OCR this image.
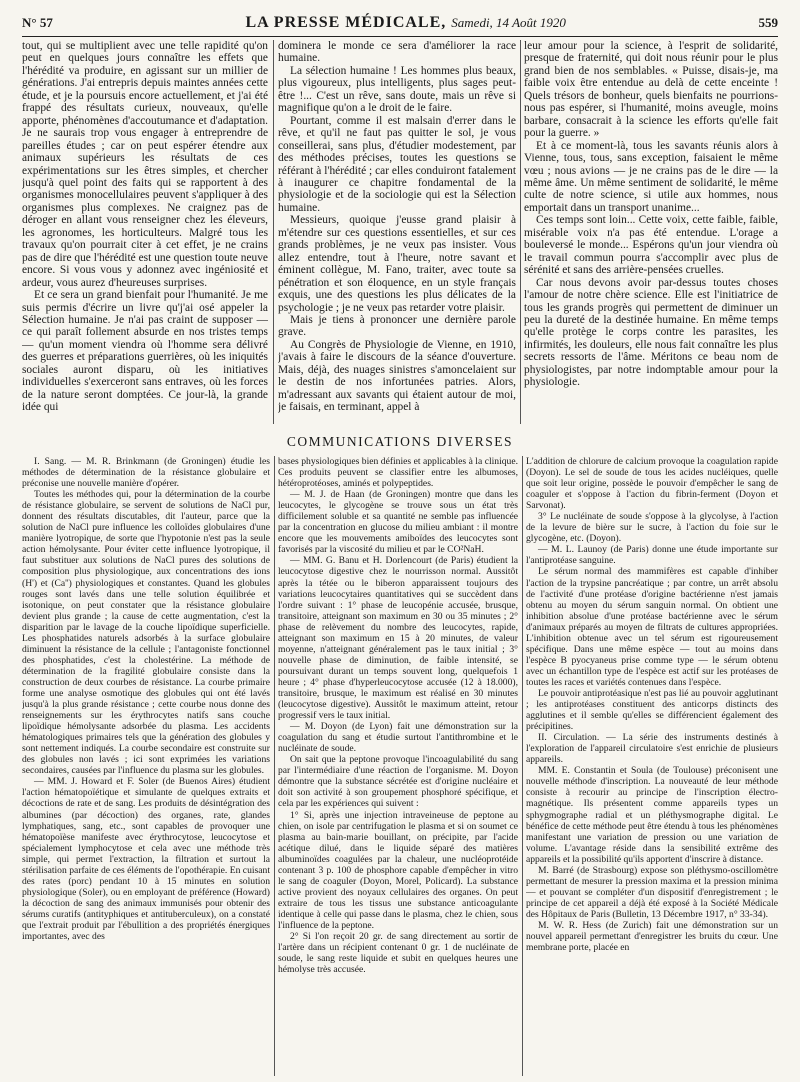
N° 57	LA PRESSE MÉDICALE, Samedi, 14 Août 1920	559

tout, qui se multiplient avec une telle rapidité qu'on peut en quelques jours connaître les effets que l'hérédité va produire, en agissant sur un millier de générations. J'ai entrepris depuis maintes années cette étude, et je la poursuis encore actuellement, et j'ai été frappé des résultats curieux, nouveaux, qu'elle apporte, phénomènes d'accoutumance et d'adaptation. Je ne saurais trop vous engager à entreprendre de pareilles études ; car on peut espérer étendre aux animaux supérieurs les résultats de ces expérimentations sur les êtres simples, et chercher jusqu'à quel point des faits qui se rapportent à des organismes monocellulaires peuvent s'appliquer à des organismes plus complexes. Ne craignez pas de déroger en allant vous renseigner chez les éleveurs, les agronomes, les horticulteurs. Malgré tous les travaux qu'on pourrait citer à cet effet, je ne crains pas de dire que l'hérédité est une question toute neuve encore. Si vous vous y adonnez avec ingéniosité et ardeur, vous aurez d'heureuses surprises.

Et ce sera un grand bienfait pour l'humanité. Je me suis permis d'écrire un livre qu'j'ai osé appeler la Sélection humaine. Je n'ai pas craint de supposer — ce qui paraît follement absurde en nos tristes temps — qu'un moment viendra où l'homme sera délivré des guerres et préparations guerrières, où les iniquités sociales auront disparu, où les initiatives individuelles s'exerceront sans entraves, où les forces de la nature seront domptées. Ce jour-là, la grande idée qui

dominera le monde ce sera d'améliorer la race humaine.

La sélection humaine ! Les hommes plus beaux, plus vigoureux, plus intelligents, plus sages peut-être !... C'est un rêve, sans doute, mais un rêve si magnifique qu'on a le droit de le faire.

Pourtant, comme il est malsain d'errer dans le rêve, et qu'il ne faut pas quitter le sol, je vous conseillerai, sans plus, d'étudier modestement, par des méthodes précises, toutes les questions se référant à l'hérédité ; car elles conduiront fatalement à inaugurer ce chapitre fondamental de la physiologie et de la sociologie qui est la Sélection humaine.

Messieurs, quoique j'eusse grand plaisir à m'étendre sur ces questions essentielles, et sur ces grands problèmes, je ne veux pas insister. Vous allez entendre, tout à l'heure, notre savant et éminent collègue, M. Fano, traiter, avec toute sa pénétration et son éloquence, en un style français exquis, une des questions les plus délicates de la psychologie ; je ne veux pas retarder votre plaisir.

Mais je tiens à prononcer une dernière parole grave.

Au Congrès de Physiologie de Vienne, en 1910, j'avais à faire le discours de la séance d'ouverture. Mais, déjà, des nuages sinistres s'amoncelaient sur le destin de nos infortunées patries. Alors, m'adressant aux savants qui étaient autour de moi, je faisais, en terminant, appel à

leur amour pour la science, à l'esprit de solidarité, presque de fraternité, qui doit nous réunir pour le plus grand bien de nos semblables. « Puisse, disais-je, ma faible voix être entendue au delà de cette enceinte ! Quels trésors de bonheur, quels bienfaits ne pourrions-nous pas espérer, si l'humanité, moins aveugle, moins barbare, consacrait à la science les efforts qu'elle fait pour la guerre. »

Et à ce moment-là, tous les savants réunis alors à Vienne, tous, tous, sans exception, faisaient le même vœu ; nous avions — je ne crains pas de le dire — la même âme. Un même sentiment de solidarité, le même culte de notre science, si utile aux hommes, nous emportait dans un transport unanime...

Ces temps sont loin... Cette voix, cette faible, faible, misérable voix n'a pas été entendue. L'orage a bouleversé le monde... Espérons qu'un jour viendra où le travail commun pourra s'accomplir avec plus de sérénité et sans des arrière-pensées cruelles.

Car nous devons avoir par-dessus toutes choses l'amour de notre chère science. Elle est l'initiatrice de tous les grands progrès qui permettent de diminuer un peu la dureté de la destinée humaine. En même temps qu'elle protège le corps contre les parasites, les infirmités, les douleurs, elle nous fait connaître les plus secrets ressorts de l'âme. Méritons ce beau nom de physiologistes, par notre indomptable amour pour la physiologie.

COMMUNICATIONS DIVERSES

I. Sang. — M. R. Brinkmann (de Groningen) étudie les méthodes de détermination de la résistance globulaire et préconise une nouvelle manière d'opérer.

Toutes les méthodes qui, pour la détermination de la courbe de résistance globulaire, se servent de solutions de NaCl pur, donnent des résultats discutables, dit l'auteur, parce que la solution de NaCl pure influence les colloïdes globulaires d'une manière lyotropique, de sorte que l'hypotonie n'est pas la seule action hémolysante. Pour éviter cette influence lyotropique, il faut substituer aux solutions de NaCl pures des solutions de composition plus physiologique, aux concentrations des ions (H') et (Ca'') physiologiques et constantes. Quand les globules rouges sont lavés dans une telle solution équilibrée et isotonique, on peut constater que la résistance globulaire devient plus grande ; la cause de cette augmentation, c'est la disparition par le lavage de la couche lipoïdique superficielle. Les phosphatides naturels adsorbés à la surface globulaire diminuent la résistance de la cellule ; l'antagoniste fonctionnel des phosphatides, c'est la cholestérine. La méthode de détermination de la fragilité globulaire consiste dans la construction de deux courbes de résistance. La courbe primaire forme une analyse osmotique des globules qui ont été lavés jusqu'à la plus grande résistance ; cette courbe nous donne des renseignements sur les érythrocytes natifs sans couche lipoïdique hémolysante adsorbée du plasma. Les accidents hématologiques primaires tels que la génération des globules y sont nettement indiqués. La courbe secondaire est construite sur des globules non lavés ; ici sont exprimées les variations secondaires, causées par l'influence du plasma sur les globules.

— MM. J. Howard et F. Soler (de Buenos Aires) étudient l'action hématopoïétique et simulante de quelques extraits et décoctions de rate et de sang. Les produits de désintégration des albumines (par décoction) des organes, rate, glandes lymphatiques, sang, etc., sont capables de provoquer une hématopoïèse manifeste avec érythrocytose, leucocytose et spécialement lymphocytose et cela avec une méthode très simple, qui permet l'extraction, la filtration et surtout la stérilisation parfaite de ces éléments de l'opothérapie. En cuisant des rates (porc) pendant 10 à 15 minutes en solution physiologique (Soler), ou en employant de préférence (Howard) la décoction de sang des animaux immunisés pour obtenir des sérums curatifs (antityphiques et antituberculeux), on a constaté que l'extrait produit par l'ébullition a des propriétés énergiques importantes, avec des

bases physiologiques bien définies et applicables à la clinique. Ces produits peuvent se classifier entre les albumoses, hétéroprotéoses, aminés et polypeptides.

— M. J. de Haan (de Groningen) montre que dans les leucocytes, le glycogène se trouve sous un état très difficilement soluble et sa quantité ne semble pas influencée par la concentration en glucose du milieu ambiant : il montre encore que les mouvements amiboïdes des leucocytes sont favorisés par la viscosité du milieu et par le CO²NaH.

— MM. G. Banu et H. Dorlencourt (de Paris) étudient la leucocytose digestive chez le nourrisson normal. Aussitôt après la tétée ou le biberon apparaissent toujours des variations leucocytaires quantitatives qui se succèdent dans l'ordre suivant : 1° phase de leucopénie accusée, brusque, transitoire, atteignant son maximum en 30 ou 35 minutes ; 2° phase de relèvement du nombre des leucocytes, rapide, atteignant son maximum en 15 à 20 minutes, de valeur moyenne, n'atteignant généralement pas le taux initial ; 3° nouvelle phase de diminution, de faible intensité, se poursuivant durant un temps souvent long, quelquefois 1 heure ; 4° phase d'hyperleucocytose accusée (12 à 18.000), transitoire, brusque, le maximum est réalisé en 30 minutes (leucocytose digestive). Aussitôt le maximum atteint, retour progressif vers le taux initial.

— M. Doyon (de Lyon) fait une démonstration sur la coagulation du sang et étudie surtout l'antithrombine et le nucléinate de soude.

On sait que la peptone provoque l'incoagulabilité du sang par l'intermédiaire d'une réaction de l'organisme. M. Doyon démontre que la substance sécrétée est d'origine nucléaire et doit son activité à son groupement phosphoré spécifique, et cela par les expériences qui suivent :

1° Si, après une injection intraveineuse de peptone au chien, on isole par centrifugation le plasma et si on soumet ce plasma au bain-marie bouillant, on précipite, par l'acide acétique dilué, dans le liquide séparé des matières albuminoïdes coagulées par la chaleur, une nucléoprotéide contenant 3 p. 100 de phosphore capable d'empêcher in vitro le sang de coaguler (Doyon, Morel, Policard). La substance active provient des noyaux cellulaires des organes. On peut extraire de tous les tissus une substance anticoagulante identique à celle qui passe dans le plasma, chez le chien, sous l'influence de la peptone.

2° Si l'on reçoit 20 gr. de sang directement au sortir de l'artère dans un récipient contenant 0 gr. 1 de nucléinate de soude, le sang reste liquide et subit en quelques heures une hémolyse très accusée.

L'addition de chlorure de calcium provoque la coagulation rapide (Doyon). Le sel de soude de tous les acides nucléiques, quelle que soit leur origine, possède le pouvoir d'empêcher le sang de coaguler et s'oppose à l'action du fibrin-ferment (Doyon et Sarvonat).

3° Le nucléinate de soude s'oppose à la glycolyse, à l'action de la levure de bière sur le sucre, à l'action du foie sur le glycogène, etc. (Doyon).

— M. L. Launoy (de Paris) donne une étude importante sur l'antiprotéase sanguine.

Le sérum normal des mammifères est capable d'inhiber l'action de la trypsine pancréatique ; par contre, un arrêt absolu de l'activité d'une protéase d'origine bactérienne n'est jamais obtenu au moyen du sérum sanguin normal. On obtient une inhibition absolue d'une protéase bactérienne avec le sérum d'animaux préparés au moyen de filtrats de cultures appropriées. L'inhibition obtenue avec un tel sérum est rigoureusement spécifique. Dans une même espèce — tout au moins dans l'espèce B pyocyaneus prise comme type — le sérum obtenu avec un échantillon type de l'espèce est actif sur les protéases de toutes les races et variétés contenues dans l'espèce.

Le pouvoir antiprotéasique n'est pas lié au pouvoir agglutinant ; les antiprotéases constituent des anticorps distincts des agglutines et il semble qu'elles se différencient également des précipitines.

II. Circulation. — La série des instruments destinés à l'exploration de l'appareil circulatoire s'est enrichie de plusieurs appareils.

MM. E. Constantin et Soula (de Toulouse) préconisent une nouvelle méthode d'inscription. La nouveauté de leur méthode consiste à recourir au principe de l'inscription électro-magnétique. Ils présentent comme appareils types un sphygmographe radial et un pléthysmographe digital. Le bénéfice de cette méthode peut être étendu à tous les phénomènes manifestant une variation de pression ou une variation de volume. L'avantage réside dans la sensibilité extrême des appareils et la possibilité qu'ils apportent d'inscrire à distance.

M. Barré (de Strasbourg) expose son pléthysmo-oscillomètre permettant de mesurer la pression maxima et la pression minima — et pouvant se compléter d'un dispositif d'enregistrement ; le principe de cet appareil a déjà été exposé à la Société Médicale des Hôpitaux de Paris (Bulletin, 13 Décembre 1917, n° 33-34).

M. W. R. Hess (de Zurich) fait une démonstration sur un nouvel appareil permettant d'enregistrer les bruits du cœur. Une membrane porte, placée en
